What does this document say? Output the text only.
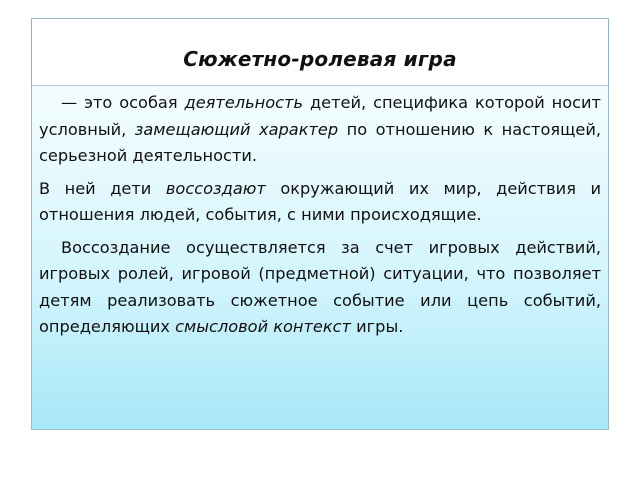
Сюжетно-ролевая игра

— это особая деятельность детей, специфика которой носит условный, замещающий характер по отношению к настоящей, серьезной деятельности.

В ней дети воссоздают окружающий их мир, действия и отношения людей, события, с ними происходящие.

Воссоздание осуществляется за счет игровых действий, игровых ролей, игровой (предметной) ситуации, что позволяет детям реализовать сюжетное событие или цепь событий, определяющих смысловой контекст игры.
